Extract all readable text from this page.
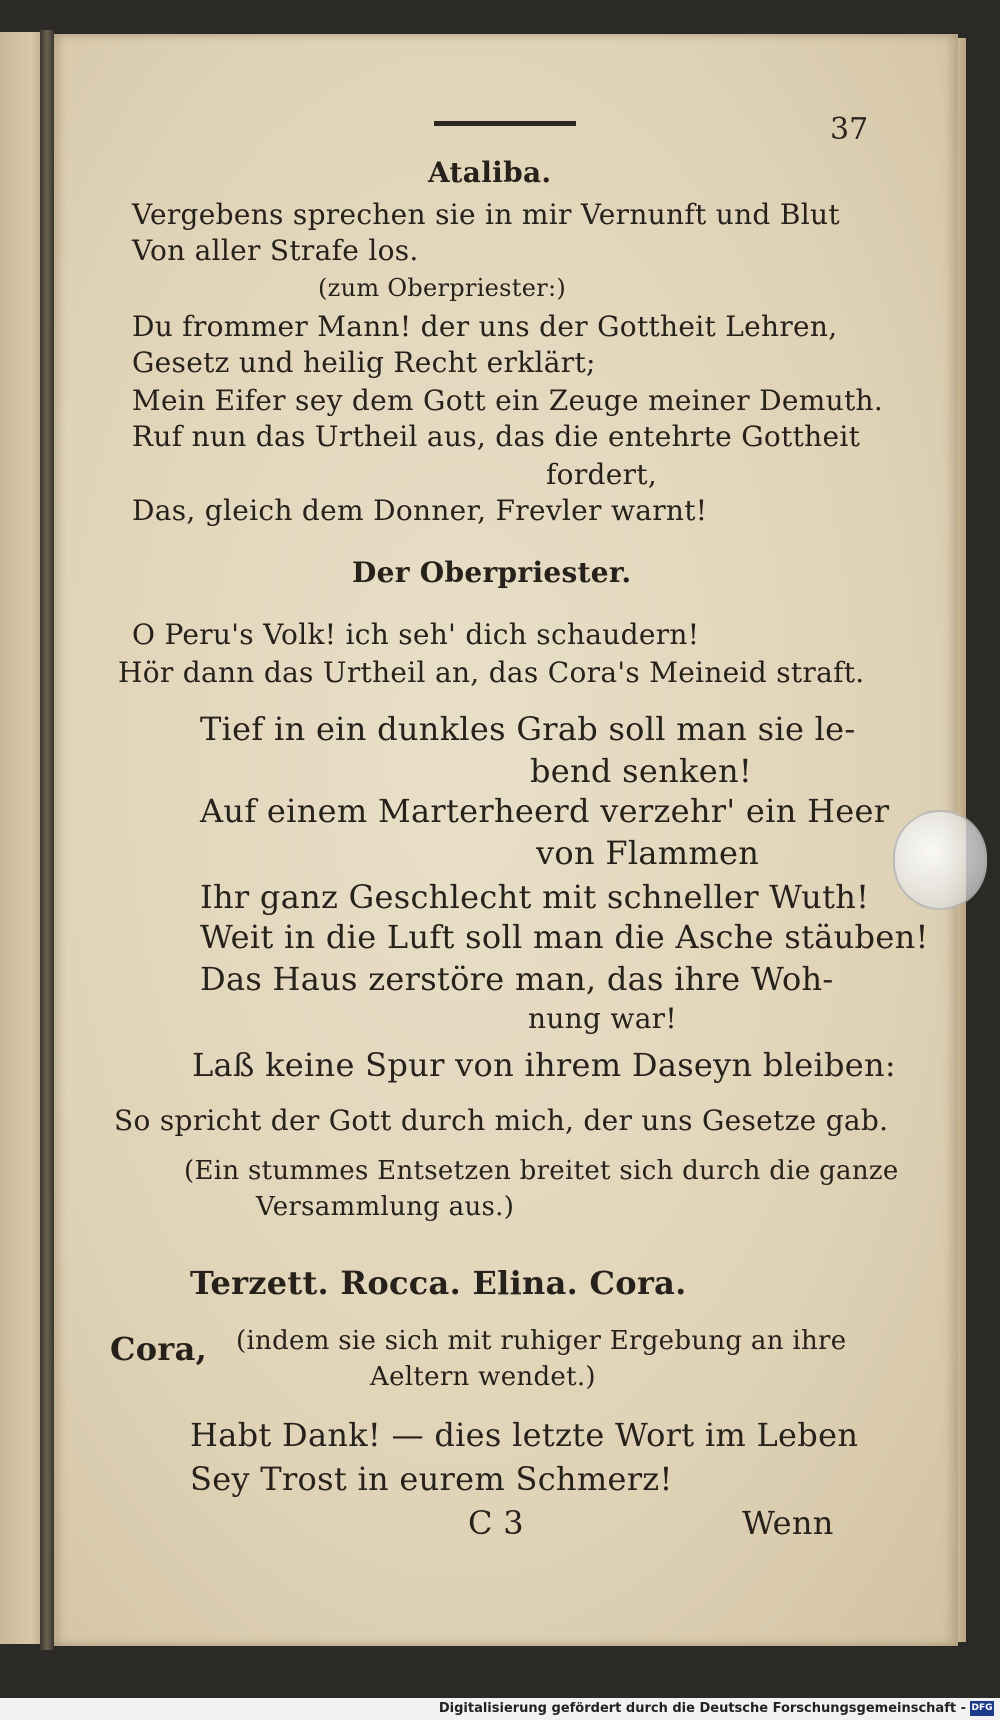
37
Ataliba.
Vergebens sprechen sie in mir Vernunft und Blut
Von aller Strafe los.
(zum Oberpriester:)
Du frommer Mann! der uns der Gottheit Lehren,
Gesetz und heilig Recht erklärt;
Mein Eifer sey dem Gott ein Zeuge meiner Demuth.
Ruf nun das Urtheil aus, das die entehrte Gottheit
fordert,
Das, gleich dem Donner, Frevler warnt!
Der Oberpriester.
O Peru's Volk! ich seh' dich schaudern!
Hör dann das Urtheil an, das Cora's Meineid straft.
Tief in ein dunkles Grab soll man sie le-
bend senken!
Auf einem Marterheerd verzehr' ein Heer
von Flammen
Ihr ganz Geschlecht mit schneller Wuth!
Weit in die Luft soll man die Asche stäuben!
Das Haus zerstöre man, das ihre Woh-
nung war!
Laß keine Spur von ihrem Daseyn bleiben:
So spricht der Gott durch mich, der uns Gesetze gab.
(Ein stummes Entsetzen breitet sich durch die ganze
Versammlung aus.)
Terzett. Rocca. Elina. Cora.
Cora, (indem sie sich mit ruhiger Ergebung an ihre
Aeltern wendet.)
Habt Dank! — dies letzte Wort im Leben
Sey Trost in eurem Schmerz!
C 3	Wenn
Digitalisierung gefördert durch die Deutsche Forschungsgemeinschaft - DFG
